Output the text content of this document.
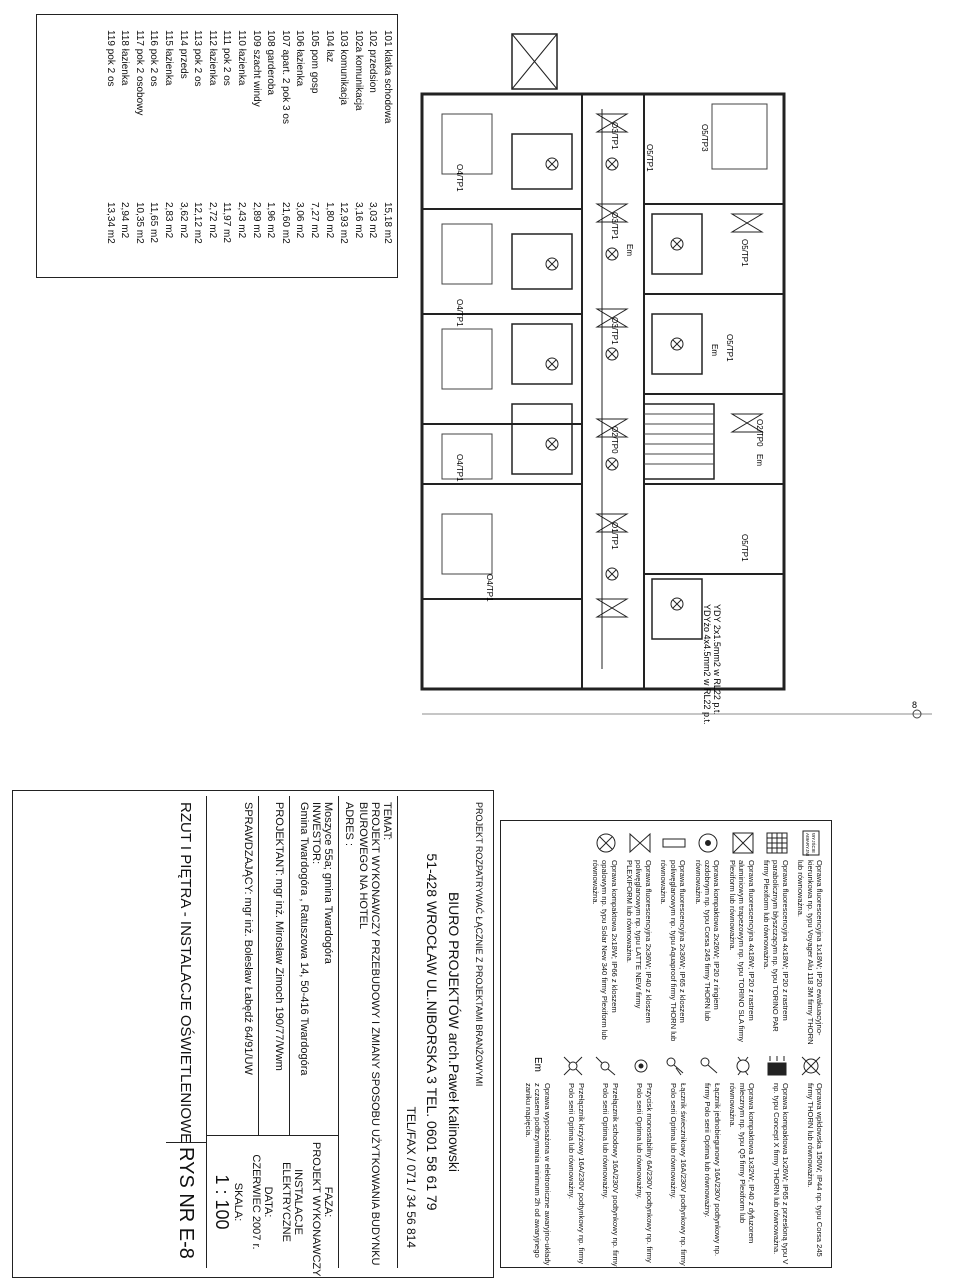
101 klatka schodowa
15,18 m2
102 przedsion
3,03 m2
102a komunikacja
3,16 m2
103 komunikacja
12,93 m2
104 laz
1,80 m2
105 pom gosp
7,27 m2
106 łazienka
3,06 m2
107 apart. 2 pok 3 os
21,60 m2
108 garderoba
1,96 m2
109 szacht windy
2,89 m2
110 łazienka
2,43 m2
111 pok 2 os
11,97 m2
112 łazienka
2,72 m2
113 pok 2 os
12,12 m2
114 przeds
3,62 m2
115 łazienka
2,83 m2
116 pok 2 os
11,65 m2
117 pok 2 osobowy
10,35 m2
118 łazienka
2,94 m2
119 pok 2 os
13,34 m2
O3/TP1
O3/TP1
O3/TP1
O2/TP0
O1/TP1
O5/TP1
O5/TP1
O5/TP1
O5/TP1
O4/TP1
O4/TP1
O4/TP1
O4/TP1
O2/TP0
O5/TP3
Em
Em
Em
YDYżo 4x4.5mm2 w RL22 p.t. YDY 2x1.5mm2 w RL22 p.t.	8
WYJŚCIE
AWARYJNE
Oprawa fluorescencyjna 1x18W; IP20 ewakuacyjno-kierunkowa np. typu Voyager Alu 118 3M firmy THORN lub równoważna.
Oprawa fluorescencyjna 4x18W; IP20 z rastrem parabolicznym błyszczącym np. typu TORINO PAR firmy Plexiform lub równoważna.
Oprawa fluorescencyjna 4x18W; IP20 z rastrem aluminiowym trapezowym np. typu TORINO SLA firmy Plexiform lub równoważna.
Oprawa kompaktowa 2x26W; IP20 z ringiem ozdobnym np. typu Corsa 245 firmy THORN lub równoważna.
Oprawa fluorescencyjna 2x36W; IP65 z kloszem poliwęglanowym np. typu Aquaproof firmy THORN lub równoważna.
Oprawa fluorescencyjna 2x36W; IP40 z kloszem poliwęglanowym np. typu LATTE NEW firmy PLEXIFORM lub równoważna.
Oprawa kompaktowa 2x18W; IP66 z kloszem opalowym np. typu Solar New 340 firmy Plexiform lub równoważna.
Oprawa wpłdowska 150W; IP44 np. typu Corsa 245 firmy THORN lub równoważna.
Oprawa kompaktowa 1x26W; IP65 z przesłoną typu V np. typu Concept X firmy THORN lub równoważna.
Oprawa kompaktowa 1x32W; IP40 z dyfuzorem mlecznym np. typu Q5 firmy Plexiform lub równoważna.
Łącznik jednobiegunowy 16A/230V podtynkowy np. firmy Polo serii Optima lub równoważny.
Łącznik świecznikowy 16A/230V podtynkowy np. firmy Polo serii Optima lub równoważny.
Przycisk monostabilny 6A/230V podtynkowy np. firmy Polo serii Optima lub równoważny.
Przełącznik schodowy 16A/230V podtynkowy np. firmy Polo serii Optima lub równoważny.
Przełącznik krzyżowy 16A/230V podtynkowy np. firmy Polo serii Optima lub równoważny.
Em
Oprawa wyposażona w elektroniczne awaryjno-układy z czasem podtrzymania minimum 2h od awaryjnego zaniku napięcia.
PROJEKT ROZPATRYWAĆ ŁĄCZNIE Z PROJEKTAMI BRANŻOWYMI
BIURO PROJEKTÓW arch.Paweł Kalinowski
51-428 WROCŁAW UL.NIBORSKA 3 TEL. 0601 58 61 79
TEL/FAX / 071 / 34 56 814
TEMAT:
PROJEKT WYKONAWCZY PRZEBUDOWY I ZMIANY SPOSOBU UŻYTKOWANIA BUDYNKU
BIUROWEGO NA HOTEL
ADRES :
Moszyce 55a; gmina Twardogóra
INWESTOR:
Gmina Twardogóra , Ratuszowa 14, 50-416 Twardogóra
PROJEKTANT: mgr inż. Mirosław Zimoch 190/77/Wwm
SPRAWDZAJĄCY: mgr inż. Bolesław Łabędź 64/91/UW
FAZA:
PROJEKT WYKONAWCZY
INSTALACJE
ELEKTRYCZNE
DATA:
CZERWIEC 2007 r.
SKALA:
1 : 100
RZUT I PIĘTRA - INSTALACJE OŚWIETLENIOWE
RYS NR E-8
